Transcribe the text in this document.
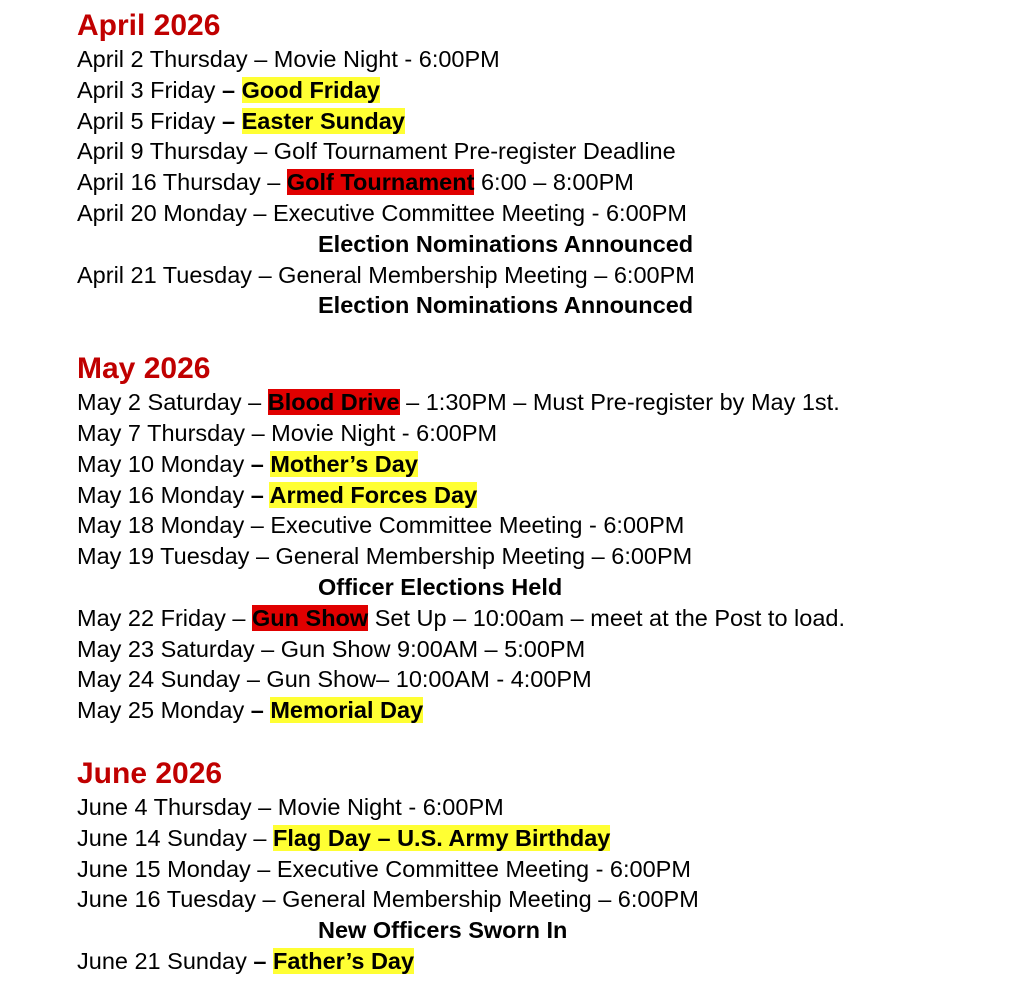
April 2026
April 2 Thursday – Movie Night - 6:00PM
April 3 Friday – Good Friday
April 5 Friday – Easter Sunday
April 9 Thursday – Golf Tournament Pre-register Deadline
April 16 Thursday – Golf Tournament 6:00 – 8:00PM
April 20 Monday – Executive Committee Meeting - 6:00PM
Election Nominations Announced
April 21 Tuesday – General Membership Meeting – 6:00PM
Election Nominations Announced
May 2026
May 2 Saturday – Blood Drive – 1:30PM – Must Pre-register by May 1st.
May 7 Thursday – Movie Night - 6:00PM
May 10 Monday – Mother’s Day
May 16 Monday – Armed Forces Day
May 18 Monday – Executive Committee Meeting - 6:00PM
May 19 Tuesday – General Membership Meeting – 6:00PM
Officer Elections Held
May 22 Friday – Gun Show Set Up – 10:00am – meet at the Post to load.
May 23 Saturday – Gun Show 9:00AM – 5:00PM
May 24 Sunday – Gun Show– 10:00AM - 4:00PM
May 25 Monday – Memorial Day
June 2026
June 4 Thursday – Movie Night - 6:00PM
June 14 Sunday – Flag Day – U.S. Army Birthday
June 15 Monday – Executive Committee Meeting - 6:00PM
June 16 Tuesday – General Membership Meeting – 6:00PM
New Officers Sworn In
June 21 Sunday – Father’s Day
